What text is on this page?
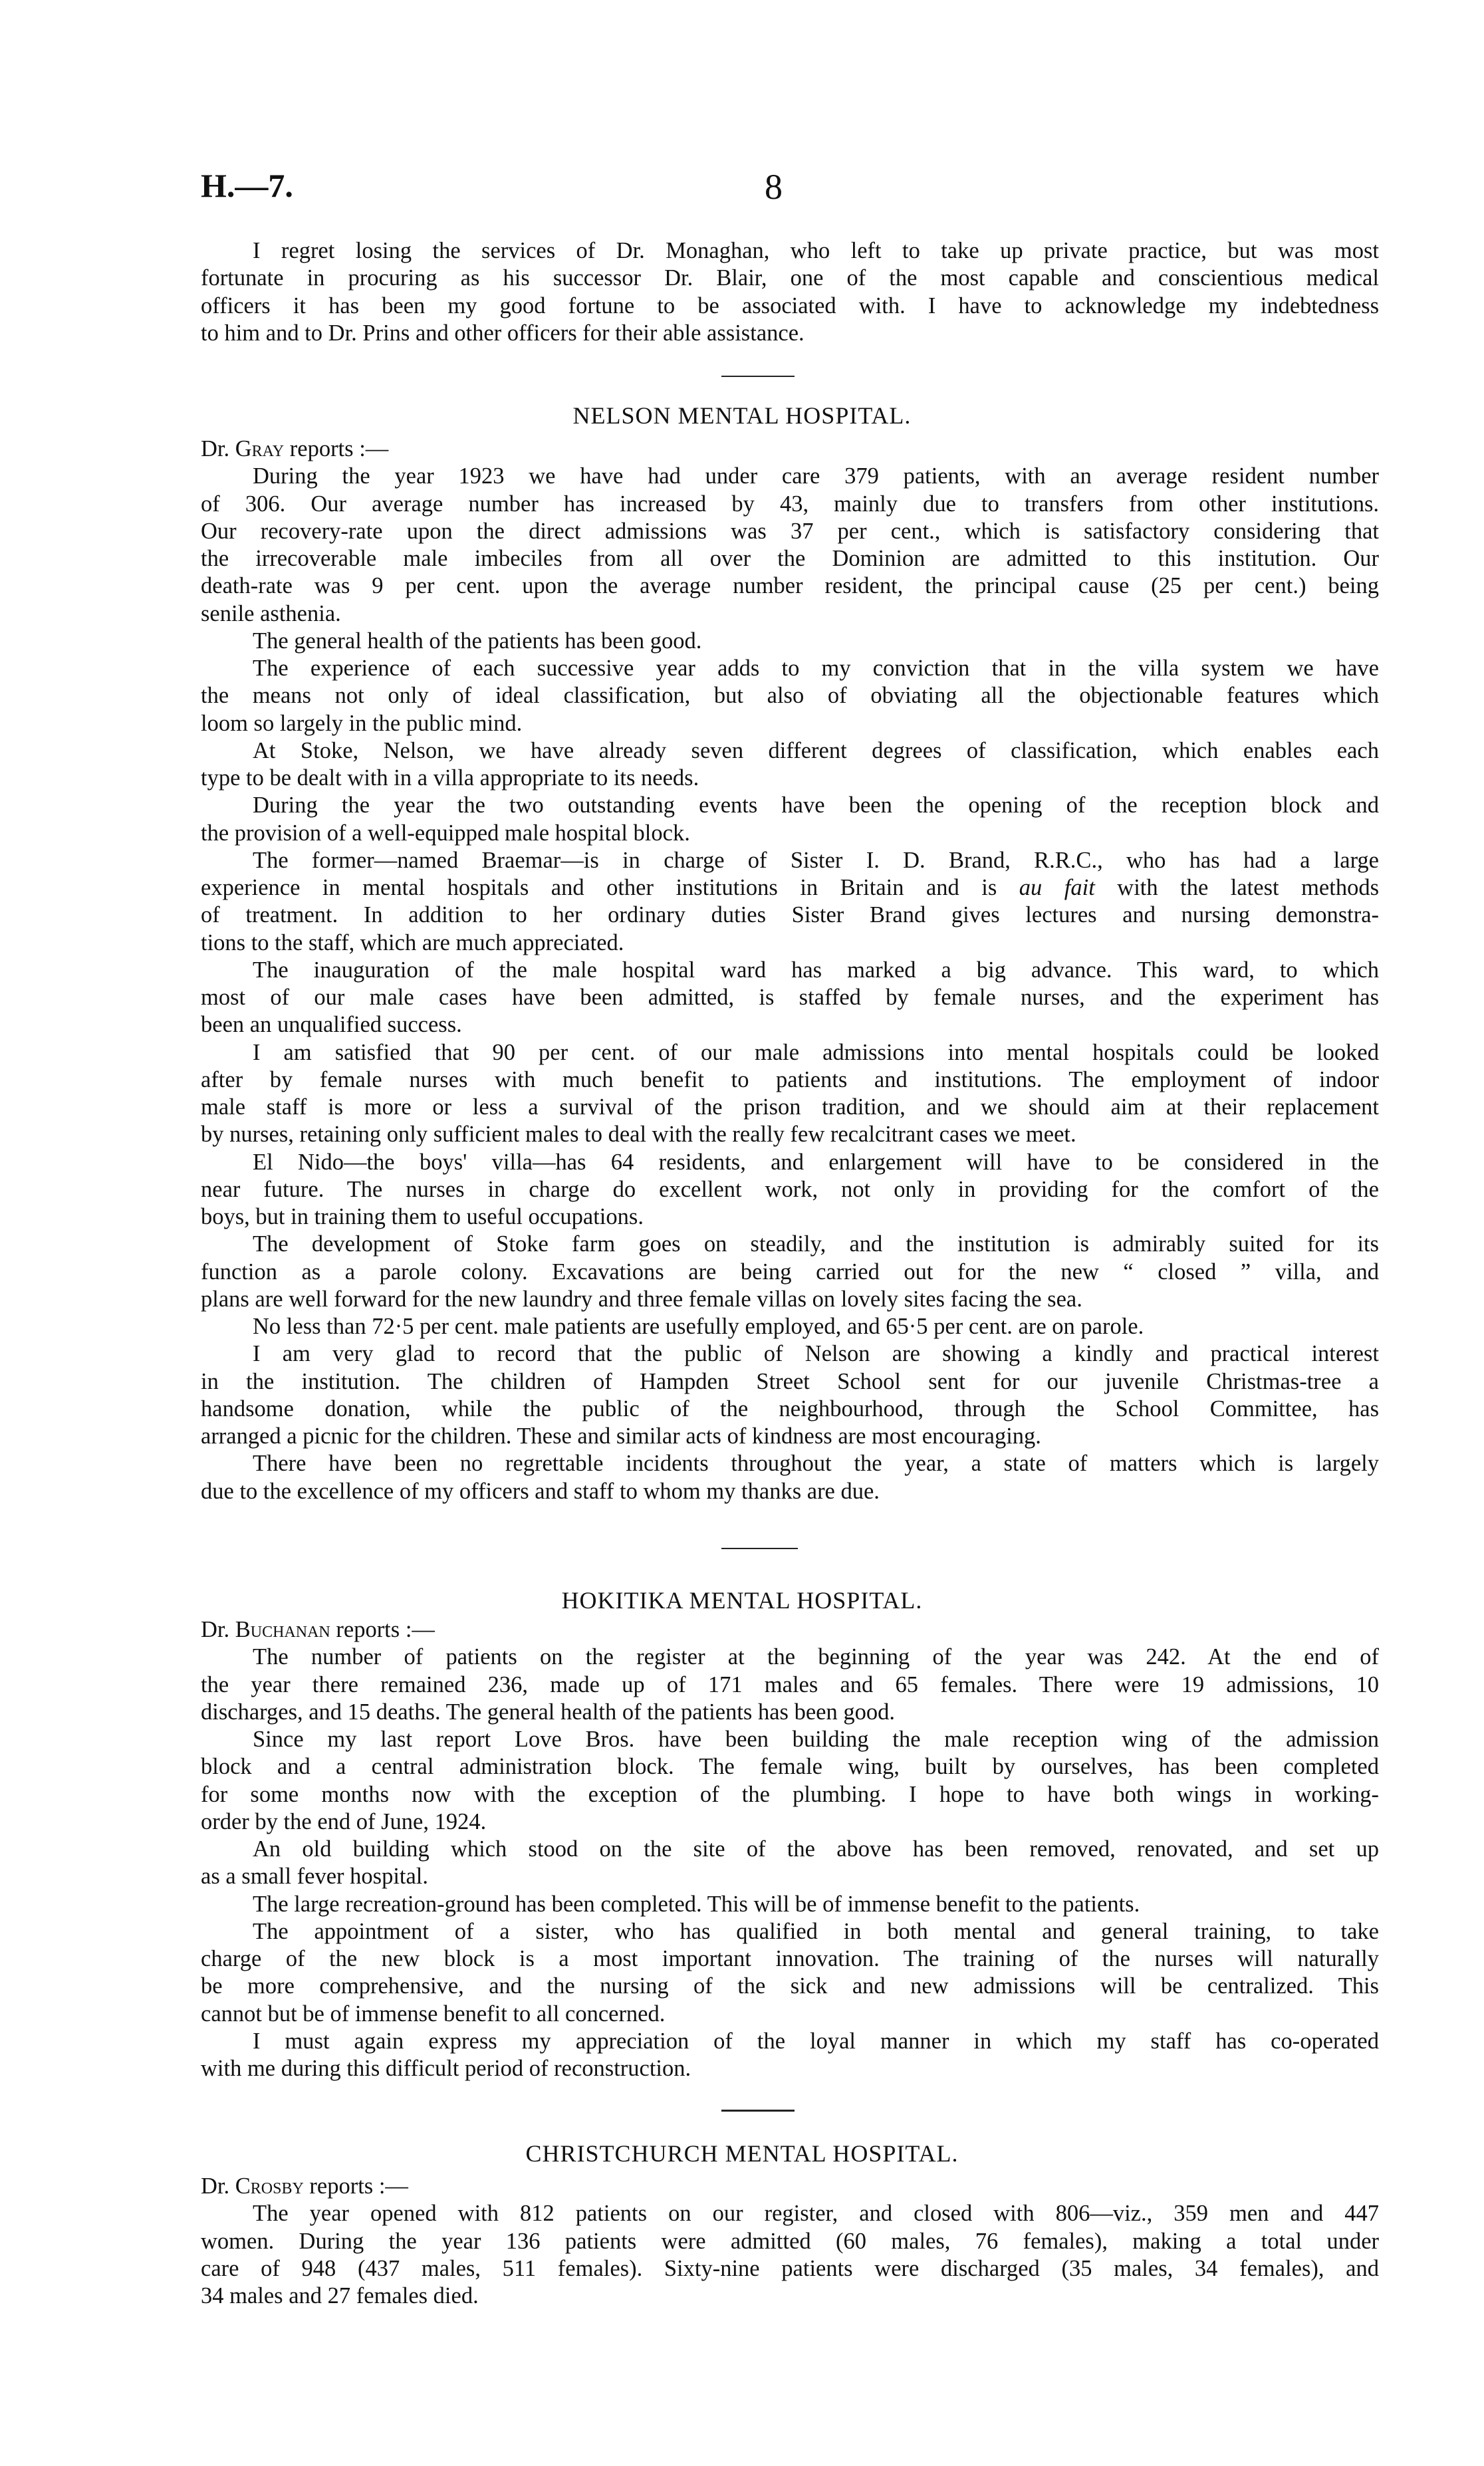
H.—7.	8
I regret losing the services of Dr. Monaghan, who left to take up private practice, but was most
fortunate in procuring as his successor Dr. Blair, one of the most capable and conscientious medical
officers it has been my good fortune to be associated with. I have to acknowledge my indebtedness
to him and to Dr. Prins and other officers for their able assistance.
NELSON MENTAL HOSPITAL.
Dr. Gray reports :—
During the year 1923 we have had under care 379 patients, with an average resident number
of 306. Our average number has increased by 43, mainly due to transfers from other institutions.
Our recovery-rate upon the direct admissions was 37 per cent., which is satisfactory considering that
the irrecoverable male imbeciles from all over the Dominion are admitted to this institution. Our
death-rate was 9 per cent. upon the average number resident, the principal cause (25 per cent.) being
senile asthenia.
The general health of the patients has been good.
The experience of each successive year adds to my conviction that in the villa system we have
the means not only of ideal classification, but also of obviating all the objectionable features which
loom so largely in the public mind.
At Stoke, Nelson, we have already seven different degrees of classification, which enables each
type to be dealt with in a villa appropriate to its needs.
During the year the two outstanding events have been the opening of the reception block and
the provision of a well-equipped male hospital block.
The former—named Braemar—is in charge of Sister I. D. Brand, R.R.C., who has had a large
experience in mental hospitals and other institutions in Britain and is au fait with the latest methods
of treatment. In addition to her ordinary duties Sister Brand gives lectures and nursing demonstra-
tions to the staff, which are much appreciated.
The inauguration of the male hospital ward has marked a big advance. This ward, to which
most of our male cases have been admitted, is staffed by female nurses, and the experiment has
been an unqualified success.
I am satisfied that 90 per cent. of our male admissions into mental hospitals could be looked
after by female nurses with much benefit to patients and institutions. The employment of indoor
male staff is more or less a survival of the prison tradition, and we should aim at their replacement
by nurses, retaining only sufficient males to deal with the really few recalcitrant cases we meet.
El Nido—the boys' villa—has 64 residents, and enlargement will have to be considered in the
near future. The nurses in charge do excellent work, not only in providing for the comfort of the
boys, but in training them to useful occupations.
The development of Stoke farm goes on steadily, and the institution is admirably suited for its
function as a parole colony. Excavations are being carried out for the new “ closed ” villa, and
plans are well forward for the new laundry and three female villas on lovely sites facing the sea.
No less than 72·5 per cent. male patients are usefully employed, and 65·5 per cent. are on parole.
I am very glad to record that the public of Nelson are showing a kindly and practical interest
in the institution. The children of Hampden Street School sent for our juvenile Christmas-tree a
handsome donation, while the public of the neighbourhood, through the School Committee, has
arranged a picnic for the children. These and similar acts of kindness are most encouraging.
There have been no regrettable incidents throughout the year, a state of matters which is largely
due to the excellence of my officers and staff to whom my thanks are due.
HOKITIKA MENTAL HOSPITAL.
Dr. Buchanan reports :—
The number of patients on the register at the beginning of the year was 242. At the end of
the year there remained 236, made up of 171 males and 65 females. There were 19 admissions, 10
discharges, and 15 deaths. The general health of the patients has been good.
Since my last report Love Bros. have been building the male reception wing of the admission
block and a central administration block. The female wing, built by ourselves, has been completed
for some months now with the exception of the plumbing. I hope to have both wings in working-
order by the end of June, 1924.
An old building which stood on the site of the above has been removed, renovated, and set up
as a small fever hospital.
The large recreation-ground has been completed. This will be of immense benefit to the patients.
The appointment of a sister, who has qualified in both mental and general training, to take
charge of the new block is a most important innovation. The training of the nurses will naturally
be more comprehensive, and the nursing of the sick and new admissions will be centralized. This
cannot but be of immense benefit to all concerned.
I must again express my appreciation of the loyal manner in which my staff has co-operated
with me during this difficult period of reconstruction.
CHRISTCHURCH MENTAL HOSPITAL.
Dr. Crosby reports :—
The year opened with 812 patients on our register, and closed with 806—viz., 359 men and 447
women. During the year 136 patients were admitted (60 males, 76 females), making a total under
care of 948 (437 males, 511 females). Sixty-nine patients were discharged (35 males, 34 females), and
34 males and 27 females died.
